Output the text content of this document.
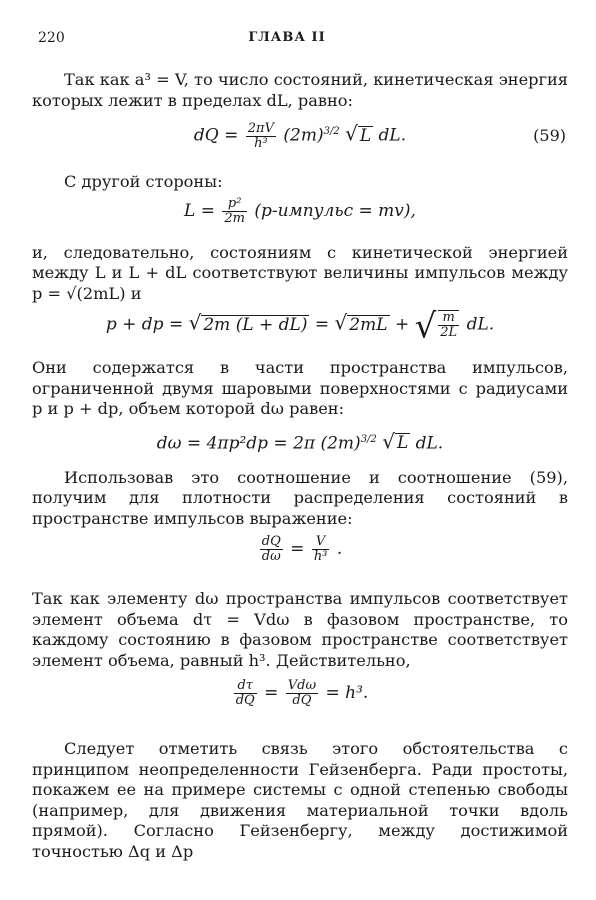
220	ГЛАВА II

Так как a³ = V, то число состояний, кинетическая энергия которых лежит в пределах dL, равно:

dQ = $\frac{2\pi V}{\text{h³}} (2m)^{3/2}$ √ L dL.	(59)

С другой стороны:

$L = \frac{\text{p²}}{2m}$ (p-импульс = mv),

и, следовательно, состояниям с кинетической энергией между L и L + dL соответствуют величины импульсов между p = √(2mL) и

p + dp = √ 2m (L + dL) = √ 2mL + √ $\frac{m}{2L}$ dL.

Они содержатся в части пространства импульсов, ограниченной двумя шаровыми поверхностями с радиусами p и p + dp, объем которой dω равен:

dω = 4πp²dp = 2π $(2m)^{3/2}$ √ L dL.

Использовав это соотношение и соотношение (59), получим для плотности распределения состояний в пространстве импульсов выражение:

$\frac{dQ}{d\omega} = \frac{V}{\text{h³}}$ .

Так как элементу dω пространства импульсов соответствует элемент объема dτ = Vdω в фазовом пространстве, то каждому состоянию в фазовом пространстве соответствует элемент объема, равный h³. Действительно,

$\frac{d\tau}{dQ} = \frac{\text{Vdω}}{dQ} = h^3$.

Следует отметить связь этого обстоятельства с принципом неопределенности Гейзенберга. Ради простоты, покажем ее на примере системы с одной степенью свободы (например, для движения материальной точки вдоль прямой). Согласно Гейзенбергу, между достижимой точностью Δq и Δp
